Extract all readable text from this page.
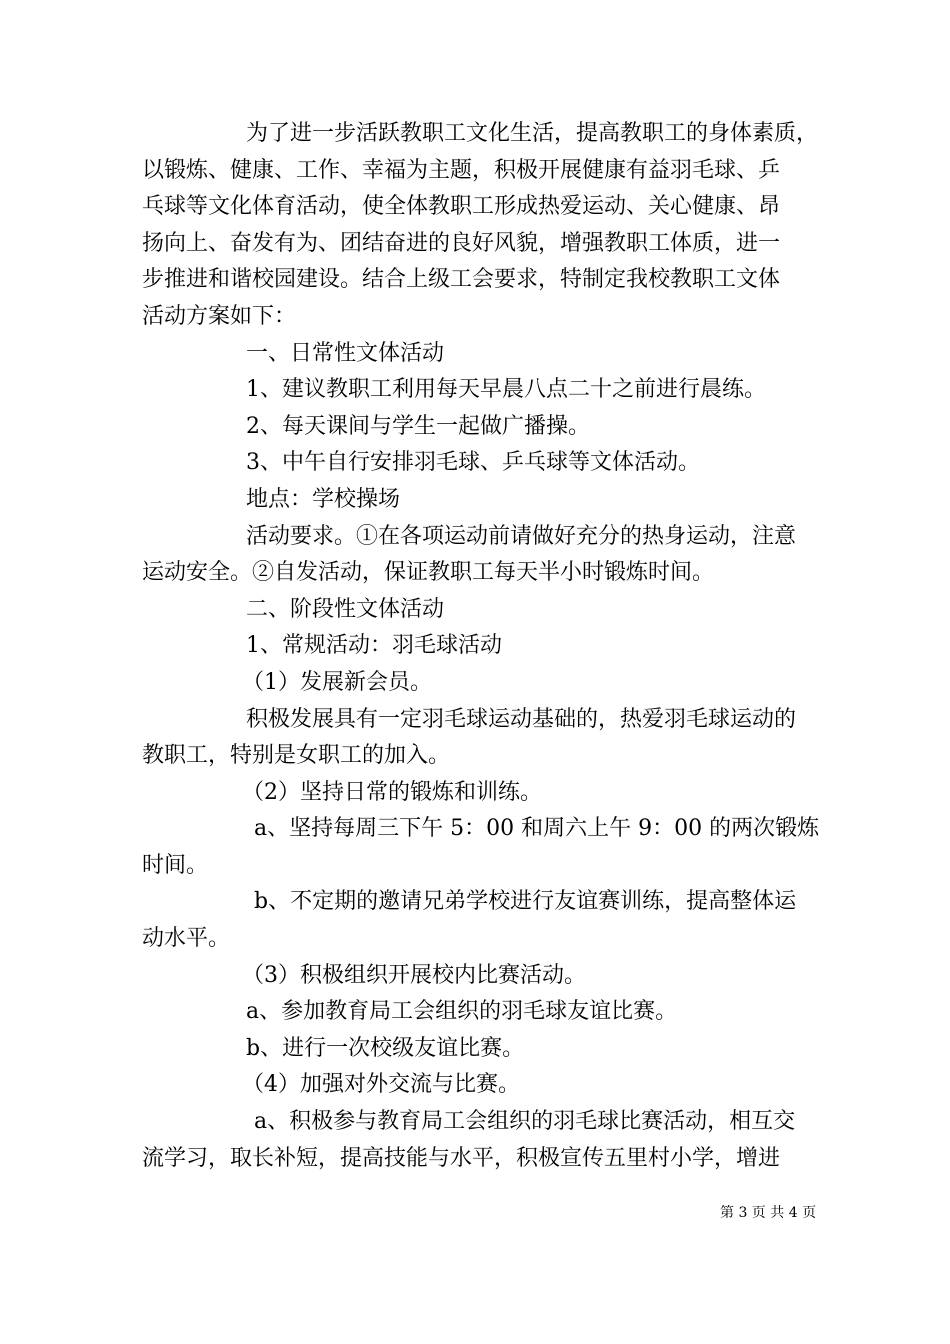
为了进一步活跃教职工文化生活，提高教职工的身体素质，
以锻炼、健康、工作、幸福为主题，积极开展健康有益羽毛球、乒
乓球等文化体育活动，使全体教职工形成热爱运动、关心健康、昂
扬向上、奋发有为、团结奋进的良好风貌，增强教职工体质，进一
步推进和谐校园建设。结合上级工会要求，特制定我校教职工文体
活动方案如下：
一、日常性文体活动
1、建议教职工利用每天早晨八点二十之前进行晨练。
2、每天课间与学生一起做广播操。
3、中午自行安排羽毛球、乒乓球等文体活动。
地点：学校操场
活动要求。①在各项运动前请做好充分的热身运动，注意
运动安全。②自发活动，保证教职工每天半小时锻炼时间。
二、阶段性文体活动
1、常规活动：羽毛球活动
（1）发展新会员。
积极发展具有一定羽毛球运动基础的，热爱羽毛球运动的
教职工，特别是女职工的加入。
（2）坚持日常的锻炼和训练。
a、坚持每周三下午 5：00 和周六上午 9：00 的两次锻炼
时间。
b、不定期的邀请兄弟学校进行友谊赛训练，提高整体运
动水平。
（3）积极组织开展校内比赛活动。
a、参加教育局工会组织的羽毛球友谊比赛。
b、进行一次校级友谊比赛。
（4）加强对外交流与比赛。
a、积极参与教育局工会组织的羽毛球比赛活动，相互交
流学习，取长补短，提高技能与水平，积极宣传五里村小学，增进
第 3 页 共 4 页
